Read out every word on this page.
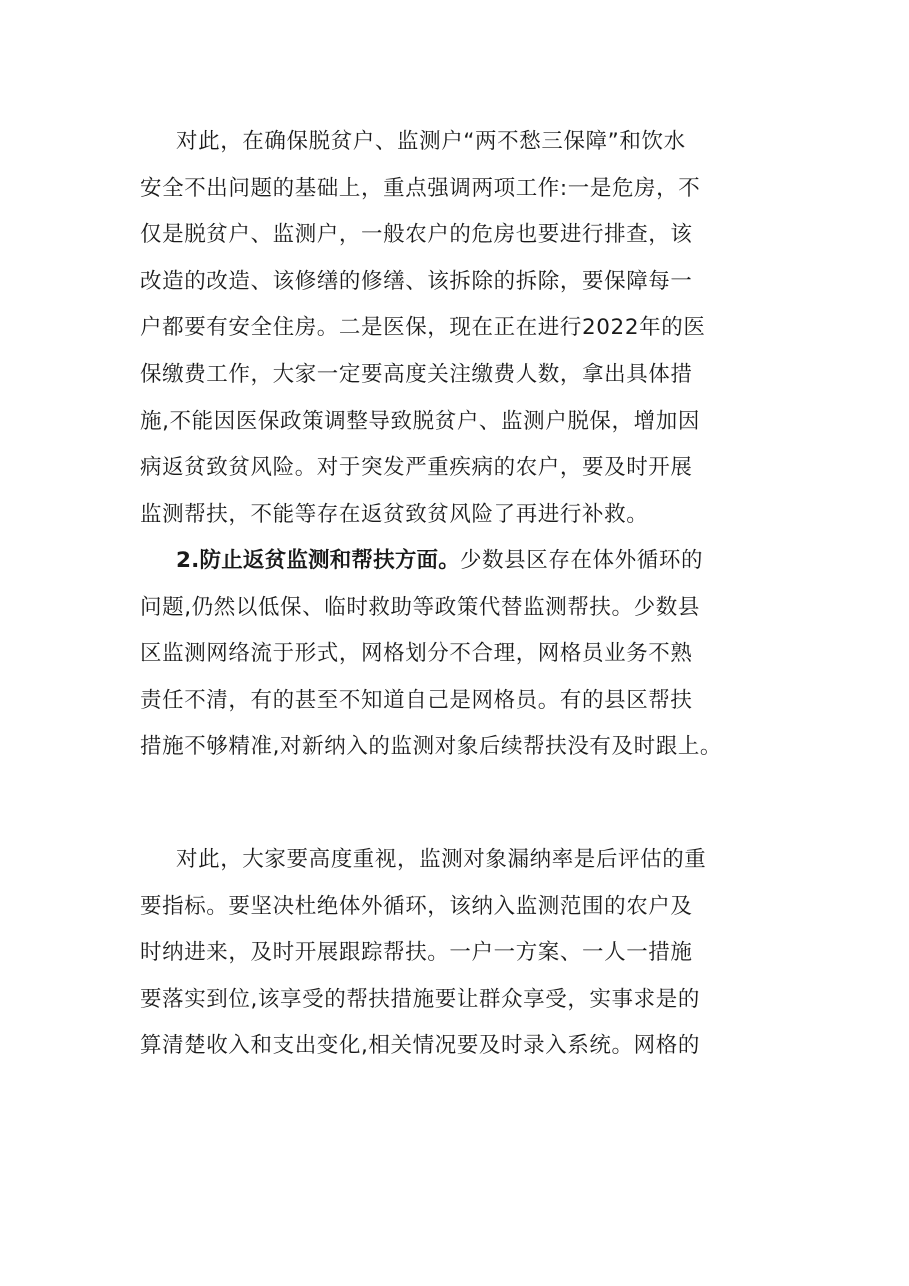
对此，在确保脱贫户、监测户“两不愁三保障”和饮水
安全不出问题的基础上，重点强调两项工作:一是危房，不
仅是脱贫户、监测户，一般农户的危房也要进行排查，该
改造的改造、该修缮的修缮、该拆除的拆除，要保障每一
户都要有安全住房。二是医保，现在正在进行2022年的医
保缴费工作，大家一定要高度关注缴费人数，拿出具体措
施,不能因医保政策调整导致脱贫户、监测户脱保，增加因
病返贫致贫风险。对于突发严重疾病的农户，要及时开展
监测帮扶，不能等存在返贫致贫风险了再进行补救。
2.防止返贫监测和帮扶方面。少数县区存在体外循环的
问题,仍然以低保、临时救助等政策代替监测帮扶。少数县
区监测网络流于形式，网格划分不合理，网格员业务不熟
责任不清，有的甚至不知道自己是网格员。有的县区帮扶
措施不够精准,对新纳入的监测对象后续帮扶没有及时跟上。
对此，大家要高度重视，监测对象漏纳率是后评估的重
要指标。要坚决杜绝体外循环，该纳入监测范围的农户及
时纳进来，及时开展跟踪帮扶。一户一方案、一人一措施
要落实到位,该享受的帮扶措施要让群众享受，实事求是的
算清楚收入和支出变化,相关情况要及时录入系统。网格的
